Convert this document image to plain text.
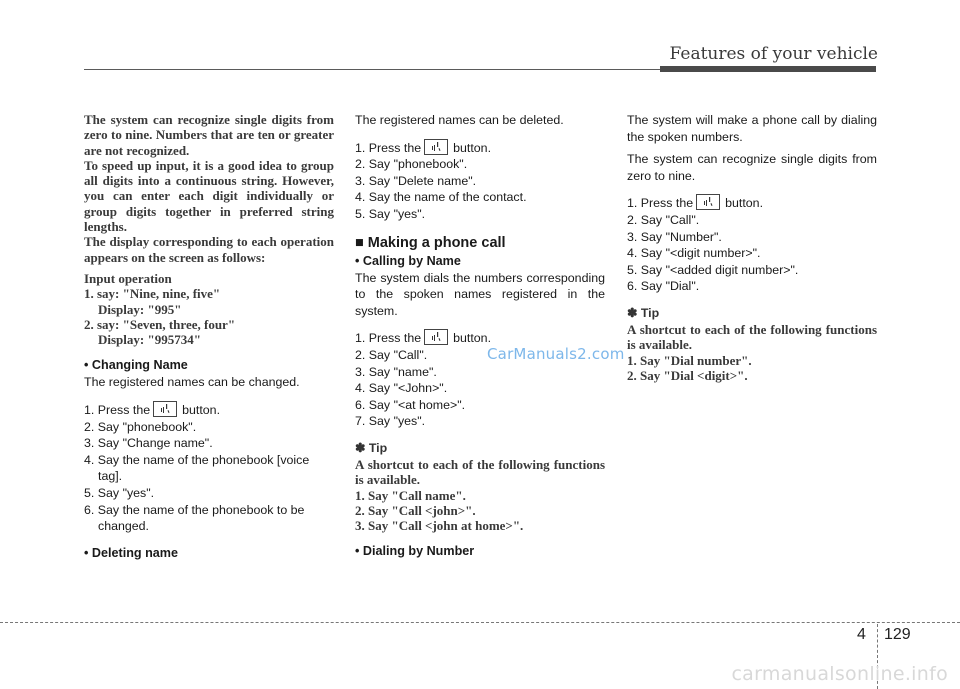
Features of your vehicle

The system can recognize single digits from zero to nine. Numbers that are ten or greater are not recognized.

To speed up input, it is a good idea to group all digits into a continuous string. However, you can enter each digit individually or group digits together in preferred string lengths.

The display corresponding to each operation appears on the screen as follows:

Input operation

1. say: "Nine, nine, five"

Display: "995"

2. say: "Seven, three, four"

Display: "995734"

• Changing Name

The registered names can be changed.

1. Press the	button.

2. Say "phonebook".

3. Say "Change name".

4. Say the name of the phonebook [voice tag].

5. Say "yes".

6. Say the name of the phonebook to be changed.

• Deleting name

The registered names can be deleted.

1. Press the	button.

2. Say "phonebook".

3. Say "Delete name".

4. Say the name of the contact.

5. Say "yes".

■ Making a phone call

• Calling by Name

The system dials the numbers corresponding to the spoken names registered in the system.

1. Press the	button.

2. Say "Call".

3. Say "name".

4. Say "<John>".

6. Say "<at home>".

7. Say "yes".

✽ Tip

A shortcut to each of the following functions is available.

1. Say "Call name".

2. Say "Call <john>".

3. Say "Call <john at home>".

• Dialing by Number

The system will make a phone call by dialing the spoken numbers.

The system can recognize single digits from zero to nine.

1. Press the	button.

2. Say "Call".

3. Say "Number".

4. Say "<digit number>".

5. Say "<added digit number>".

6. Say "Dial".

✽ Tip

A shortcut to each of the following functions is available.

1. Say "Dial number".

2. Say "Dial <digit>".

CarManuals2.com
4 129
carmanualsonline.info
